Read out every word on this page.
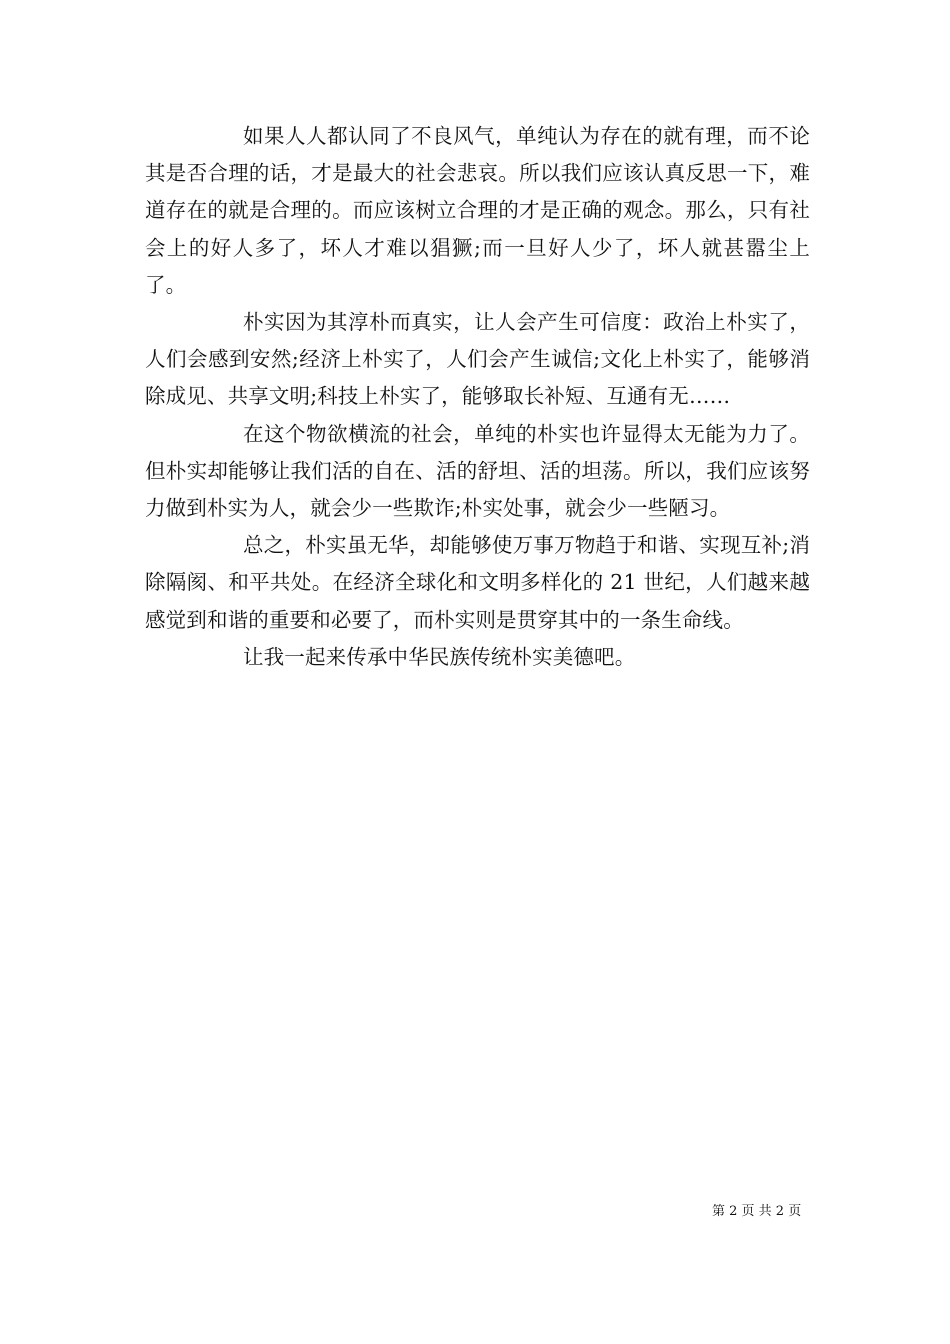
如果人人都认同了不良风气，单纯认为存在的就有理，而不论其是否合理的话，才是最大的社会悲哀。所以我们应该认真反思一下，难道存在的就是合理的。而应该树立合理的才是正确的观念。那么，只有社会上的好人多了，坏人才难以猖獗;而一旦好人少了，坏人就甚嚣尘上了。

朴实因为其淳朴而真实，让人会产生可信度：政治上朴实了，人们会感到安然;经济上朴实了，人们会产生诚信;文化上朴实了，能够消除成见、共享文明;科技上朴实了，能够取长补短、互通有无……

在这个物欲横流的社会，单纯的朴实也许显得太无能为力了。但朴实却能够让我们活的自在、活的舒坦、活的坦荡。所以，我们应该努力做到朴实为人，就会少一些欺诈;朴实处事，就会少一些陋习。

总之，朴实虽无华，却能够使万事万物趋于和谐、实现互补;消除隔阂、和平共处。在经济全球化和文明多样化的 21 世纪，人们越来越感觉到和谐的重要和必要了，而朴实则是贯穿其中的一条生命线。

让我一起来传承中华民族传统朴实美德吧。

第 2 页 共 2 页
